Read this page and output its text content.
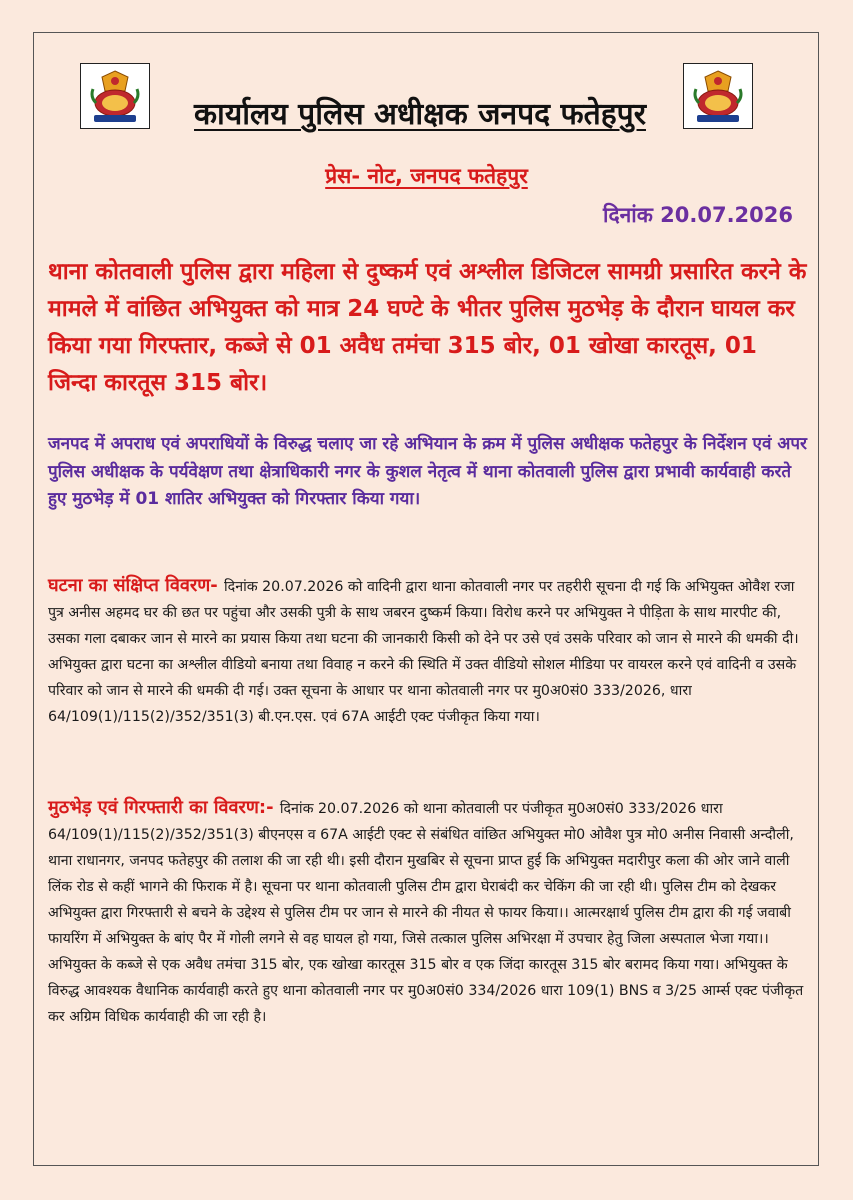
कार्यालय पुलिस अधीक्षक जनपद फतेहपुर
प्रेस- नोट, जनपद फतेहपुर
दिनांक 20.07.2026
थाना कोतवाली पुलिस द्वारा महिला से दुष्कर्म एवं अश्लील डिजिटल सामग्री प्रसारित करने के मामले में वांछित अभियुक्त को मात्र 24 घण्टे के भीतर पुलिस मुठभेड़ के दौरान घायल कर किया गया गिरफ्तार, कब्जे से 01 अवैध तमंचा 315 बोर, 01 खोखा कारतूस, 01 जिन्दा कारतूस 315 बोर।
जनपद में अपराध एवं अपराधियों के विरुद्ध चलाए जा रहे अभियान के क्रम में पुलिस अधीक्षक फतेहपुर के निर्देशन एवं अपर पुलिस अधीक्षक के पर्यवेक्षण तथा क्षेत्राधिकारी नगर के कुशल नेतृत्व में थाना कोतवाली पुलिस द्वारा प्रभावी कार्यवाही करते हुए मुठभेड़ में 01 शातिर अभियुक्त को गिरफ्तार किया गया।
घटना का संक्षिप्त विवरण- दिनांक 20.07.2026 को वादिनी द्वारा थाना कोतवाली नगर पर तहरीरी सूचना दी गई कि अभियुक्त ओवैश रजा पुत्र अनीस अहमद घर की छत पर पहुंचा और उसकी पुत्री के साथ जबरन दुष्कर्म किया। विरोध करने पर अभियुक्त ने पीड़िता के साथ मारपीट की, उसका गला दबाकर जान से मारने का प्रयास किया तथा घटना की जानकारी किसी को देने पर उसे एवं उसके परिवार को जान से मारने की धमकी दी। अभियुक्त द्वारा घटना का अश्लील वीडियो बनाया तथा विवाह न करने की स्थिति में उक्त वीडियो सोशल मीडिया पर वायरल करने एवं वादिनी व उसके परिवार को जान से मारने की धमकी दी गई। उक्त सूचना के आधार पर थाना कोतवाली नगर पर मु0अ0सं0 333/2026, धारा 64/109(1)/115(2)/352/351(3) बी.एन.एस. एवं 67A आईटी एक्ट पंजीकृत किया गया।
मुठभेड़ एवं गिरफ्तारी का विवरण:- दिनांक 20.07.2026 को थाना कोतवाली पर पंजीकृत मु0अ0सं0 333/2026 धारा 64/109(1)/115(2)/352/351(3) बीएनएस व 67A आईटी एक्ट से संबंधित वांछित अभियुक्त मो0 ओवैश पुत्र मो0 अनीस निवासी अन्दौली, थाना राधानगर, जनपद फतेहपुर की तलाश की जा रही थी। इसी दौरान मुखबिर से सूचना प्राप्त हुई कि अभियुक्त मदारीपुर कला की ओर जाने वाली लिंक रोड से कहीं भागने की फिराक में है। सूचना पर थाना कोतवाली पुलिस टीम द्वारा घेराबंदी कर चेकिंग की जा रही थी। पुलिस टीम को देखकर अभियुक्त द्वारा गिरफ्तारी से बचने के उद्देश्य से पुलिस टीम पर जान से मारने की नीयत से फायर किया।। आत्मरक्षार्थ पुलिस टीम द्वारा की गई जवाबी फायरिंग में अभियुक्त के बांए पैर में गोली लगने से वह घायल हो गया, जिसे तत्काल पुलिस अभिरक्षा में उपचार हेतु जिला अस्पताल भेजा गया।। अभियुक्त के कब्जे से एक अवैध तमंचा 315 बोर, एक खोखा कारतूस 315 बोर व एक जिंदा कारतूस 315 बोर बरामद किया गया। अभियुक्त के विरुद्ध आवश्यक वैधानिक कार्यवाही करते हुए थाना कोतवाली नगर पर मु0अ0सं0 334/2026 धारा 109(1) BNS व 3/25 आर्म्स एक्ट पंजीकृत कर अग्रिम विधिक कार्यवाही की जा रही है।
